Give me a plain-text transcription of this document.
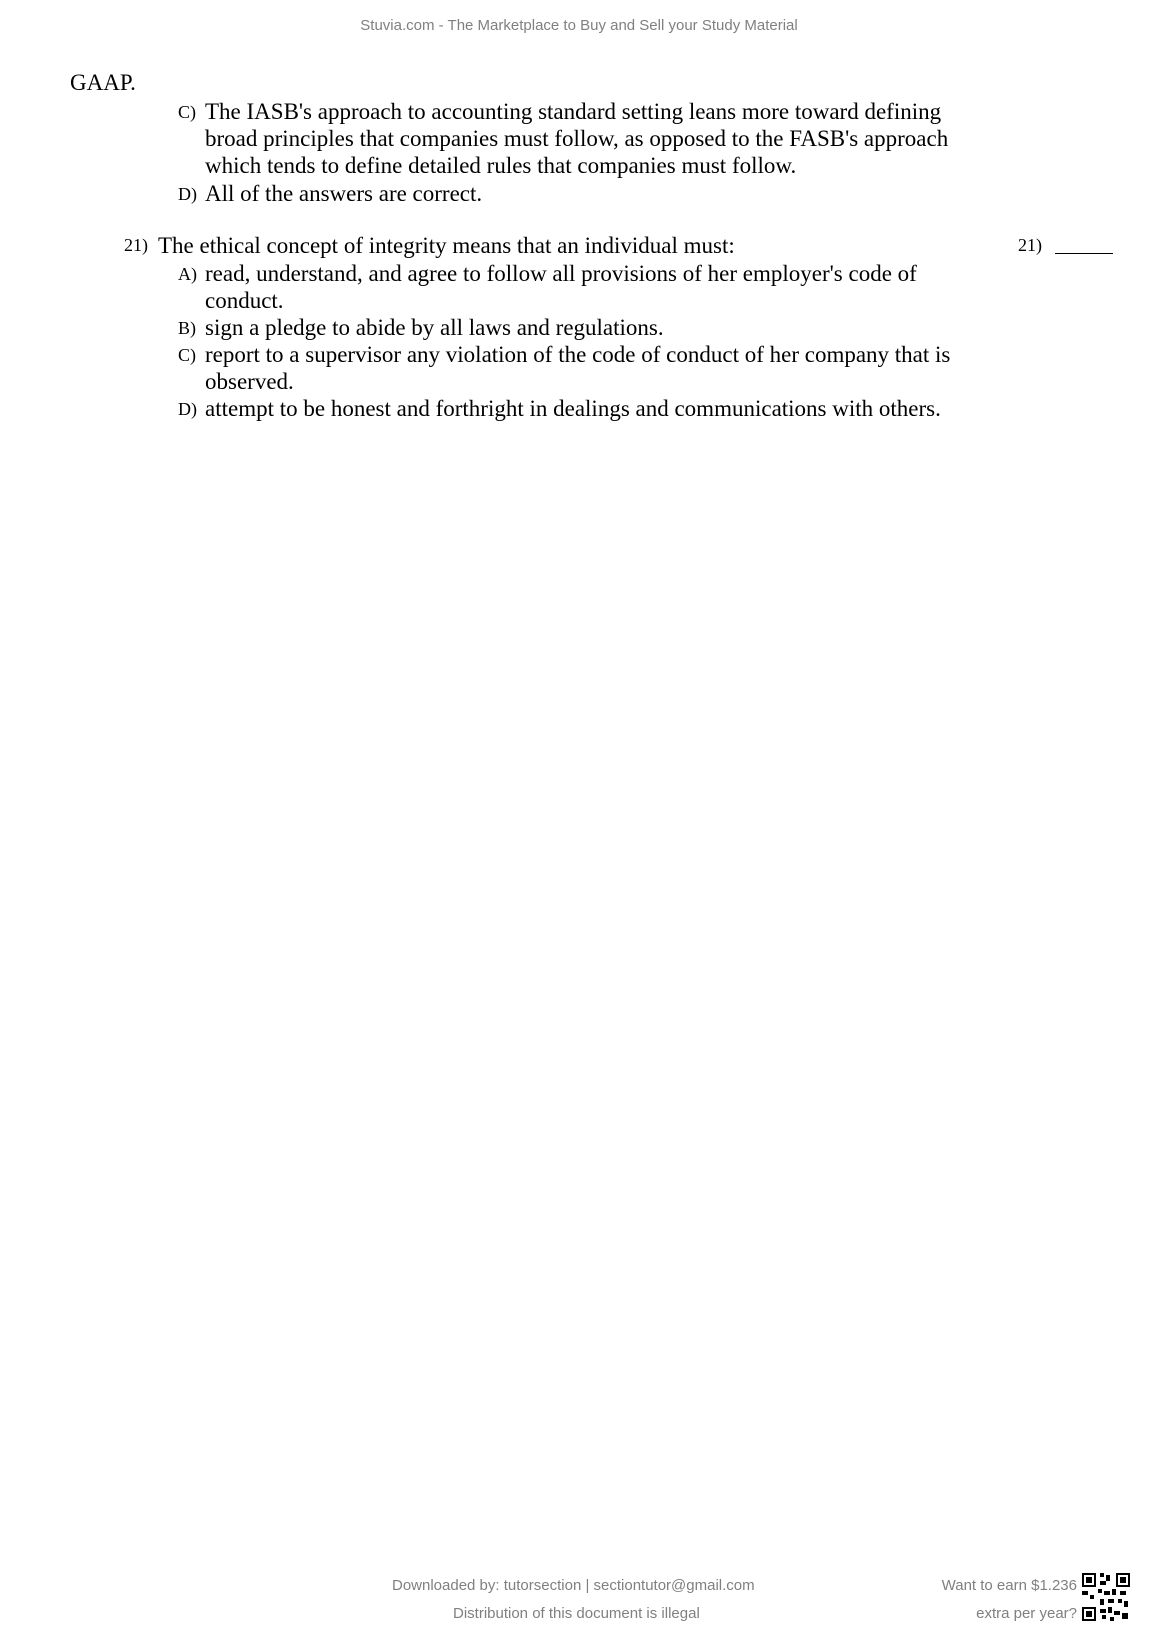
Stuvia.com - The Marketplace to Buy and Sell your Study Material
GAAP.
C) The IASB's approach to accounting standard setting leans more toward defining
broad principles that companies must follow, as opposed to the FASB's approach
which tends to define detailed rules that companies must follow.
D) All of the answers are correct.
21) The ethical concept of integrity means that an individual must:	21)
A) read, understand, and agree to follow all provisions of her employer's code of
conduct.
B) sign a pledge to abide by all laws and regulations.
C) report to a supervisor any violation of the code of conduct of her company that is
observed.
D) attempt to be honest and forthright in dealings and communications with others.
Downloaded by: tutorsection | sectiontutor@gmail.com
Distribution of this document is illegal
Want to earn $1.236
extra per year?
